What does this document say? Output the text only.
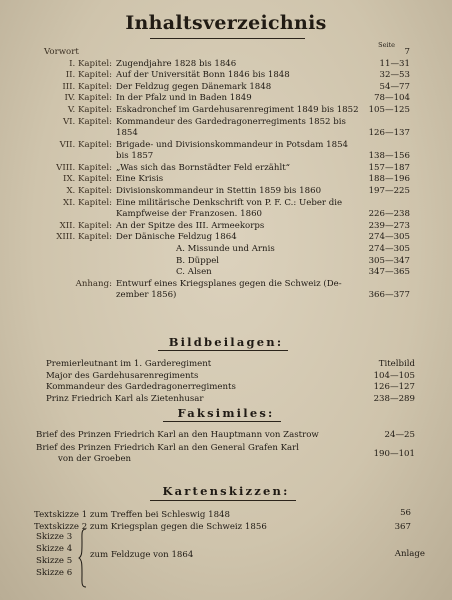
Inhaltsverzeichnis
Seite
Vorwort	7
I. Kapitel: Zugendjahre 1828 bis 1846	11—31
II. Kapitel: Auf der Universität Bonn 1846 bis 1848	32—53
III. Kapitel: Der Feldzug gegen Dänemark 1848	54—77
IV. Kapitel: In der Pfalz und in Baden 1849	78—104
V. Kapitel: Eskadronchef im Gardehusarenregiment 1849 bis 1852	105—125
VI. Kapitel: Kommandeur des Gardedragonerregiments 1852 bis
1854	126—137
VII. Kapitel: Brigade- und Divisionskommandeur in Potsdam 1854
bis 1857	138—156
VIII. Kapitel: „Was sich das Bornstädter Feld erzählt“	157—187
IX. Kapitel: Eine Krisis	188—196
X. Kapitel: Divisionskommandeur in Stettin 1859 bis 1860	197—225
XI. Kapitel: Eine militärische Denkschrift von P. F. C.: Ueber die
Kampfweise der Franzosen. 1860	226—238
XII. Kapitel: An der Spitze des III. Armeekorps	239—273
XIII. Kapitel: Der Dänische Feldzug 1864	274—305
A. Missunde und Arnis	274—305
B. Düppel	305—347
C. Alsen	347—365
Anhang: Entwurf eines Kriegsplanes gegen die Schweiz (De-
zember 1856)	366—377
Bildbeilagen:
Premierleutnant im 1. Garderegiment	Titelbild
Major des Gardehusarenregiments	104—105
Kommandeur des Gardedragonerregiments	126—127
Prinz Friedrich Karl als Zietenhusar	238—289
Faksimiles:
Brief des Prinzen Friedrich Karl an den Hauptmann von Zastrow	24—25
Brief des Prinzen Friedrich Karl an den General Grafen Karl
von der Groeben	190—101
Kartenskizzen:
Textskizze 1 zum Treffen bei Schleswig 1848	56
Textskizze 2 zum Kriegsplan gegen die Schweiz 1856	367
Skizze 3
Skizze 4
Skizze 5
Skizze 6
zum Feldzuge von 1864	Anlage
